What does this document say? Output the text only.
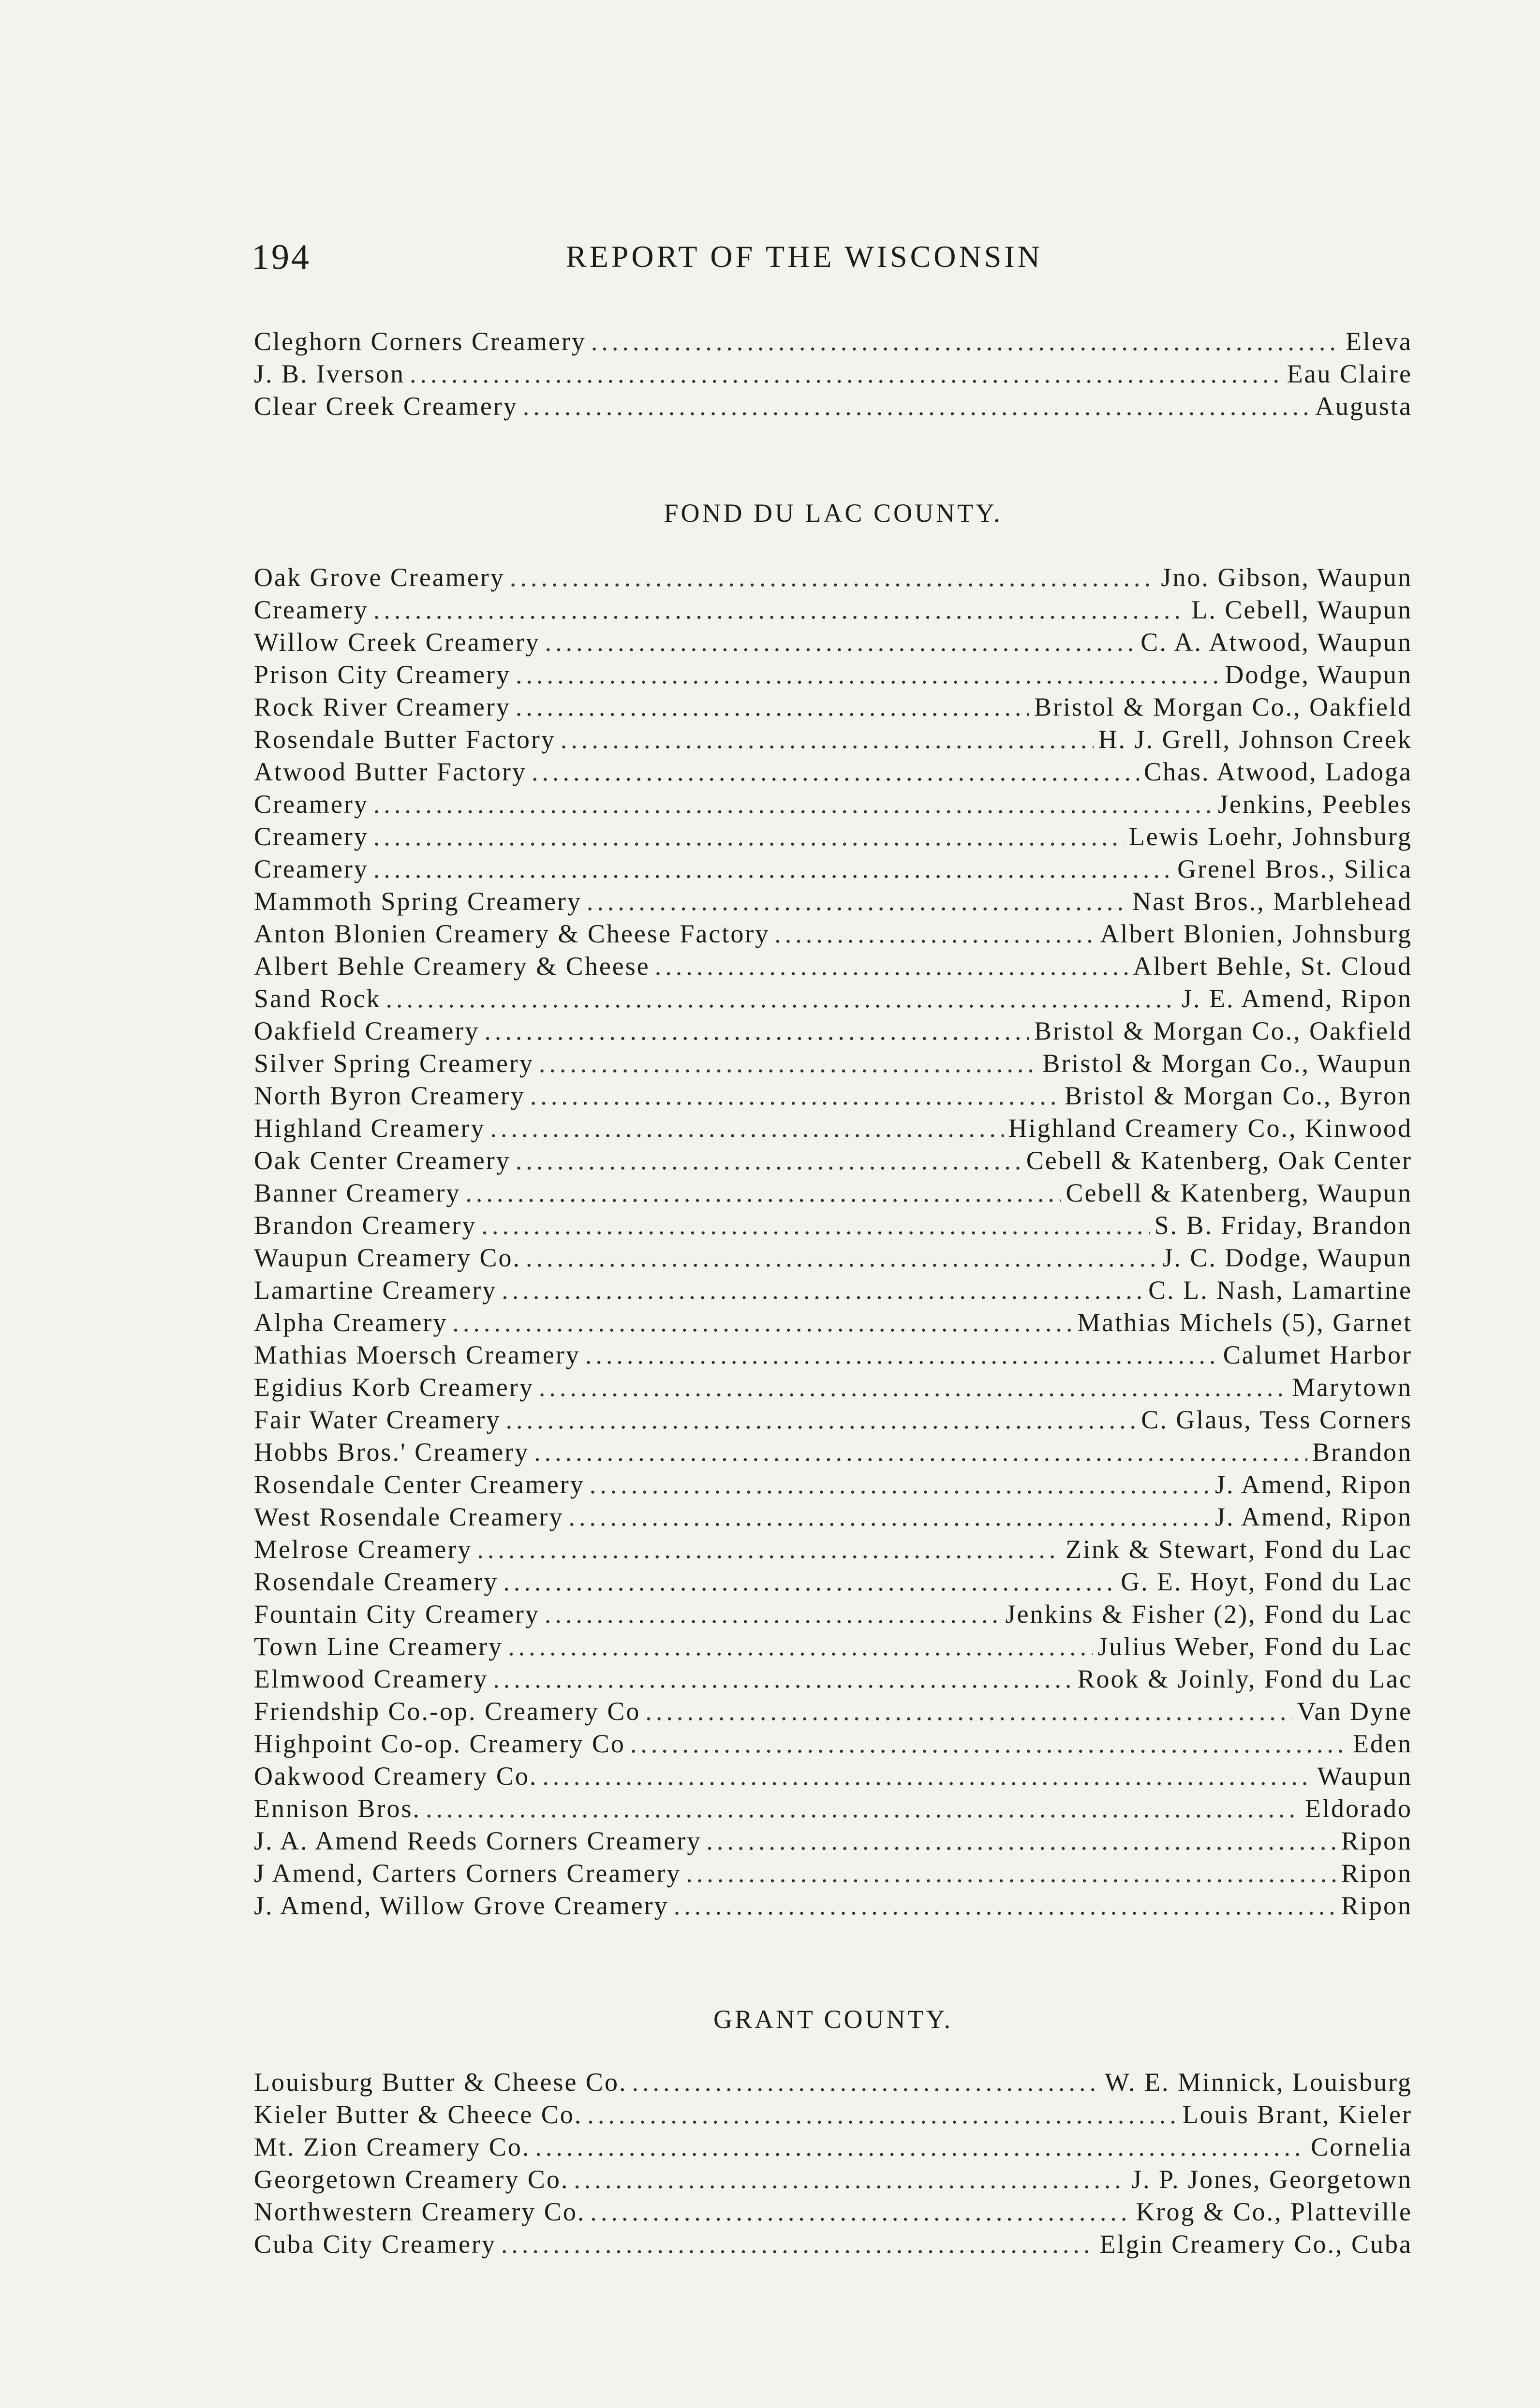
194	REPORT OF THE WISCONSIN
Cleghorn Corners Creamery .....	Eleva
J. B. Iverson .....	Eau Claire
Clear Creek Creamery .....	Augusta
FOND DU LAC COUNTY.
Oak Grove Creamery .....	Jno. Gibson, Waupun
Creamery .....	L. Cebell, Waupun
Willow Creek Creamery .....	C. A. Atwood, Waupun
Prison City Creamery .....	Dodge, Waupun
Rock River Creamery .....	Bristol & Morgan Co., Oakfield
Rosendale Butter Factory .....	H. J. Grell, Johnson Creek
Atwood Butter Factory .....	Chas. Atwood, Ladoga
Creamery .....	Jenkins, Peebles
Creamery .....	Lewis Loehr, Johnsburg
Creamery .....	Grenel Bros., Silica
Mammoth Spring Creamery .....	Nast Bros., Marblehead
Anton Blonien Creamery & Cheese Factory .....	Albert Blonien, Johnsburg
Albert Behle Creamery & Cheese .....	Albert Behle, St. Cloud
Sand Rock .....	J. E. Amend, Ripon
Oakfield Creamery .....	Bristol & Morgan Co., Oakfield
Silver Spring Creamery .....	Bristol & Morgan Co., Waupun
North Byron Creamery .....	Bristol & Morgan Co., Byron
Highland Creamery .....	Highland Creamery Co., Kinwood
Oak Center Creamery .....	Cebell & Katenberg, Oak Center
Banner Creamery .....	Cebell & Katenberg, Waupun
Brandon Creamery .....	S. B. Friday, Brandon
Waupun Creamery Co. .....	J. C. Dodge, Waupun
Lamartine Creamery .....	C. L. Nash, Lamartine
Alpha Creamery .....	Mathias Michels (5), Garnet
Mathias Moersch Creamery .....	Calumet Harbor
Egidius Korb Creamery .....	Marytown
Fair Water Creamery .....	C. Glaus, Tess Corners
Hobbs Bros.' Creamery .....	Brandon
Rosendale Center Creamery .....	J. Amend, Ripon
West Rosendale Creamery .....	J. Amend, Ripon
Melrose Creamery .....	Zink & Stewart, Fond du Lac
Rosendale Creamery .....	G. E. Hoyt, Fond du Lac
Fountain City Creamery .....	Jenkins & Fisher (2), Fond du Lac
Town Line Creamery .....	Julius Weber, Fond du Lac
Elmwood Creamery .....	Rook & Joinly, Fond du Lac
Friendship Co.-op. Creamery Co .....	Van Dyne
Highpoint Co-op. Creamery Co .....	Eden
Oakwood Creamery Co. .....	Waupun
Ennison Bros. .....	Eldorado
J. A. Amend Reeds Corners Creamery .....	Ripon
J Amend, Carters Corners Creamery .....	Ripon
J. Amend, Willow Grove Creamery .....	Ripon
GRANT COUNTY.
Louisburg Butter & Cheese Co. .....	W. E. Minnick, Louisburg
Kieler Butter & Cheece Co. .....	Louis Brant, Kieler
Mt. Zion Creamery Co. .....	Cornelia
Georgetown Creamery Co. .....	J. P. Jones, Georgetown
Northwestern Creamery Co. .....	Krog & Co., Platteville
Cuba City Creamery .....	Elgin Creamery Co., Cuba
